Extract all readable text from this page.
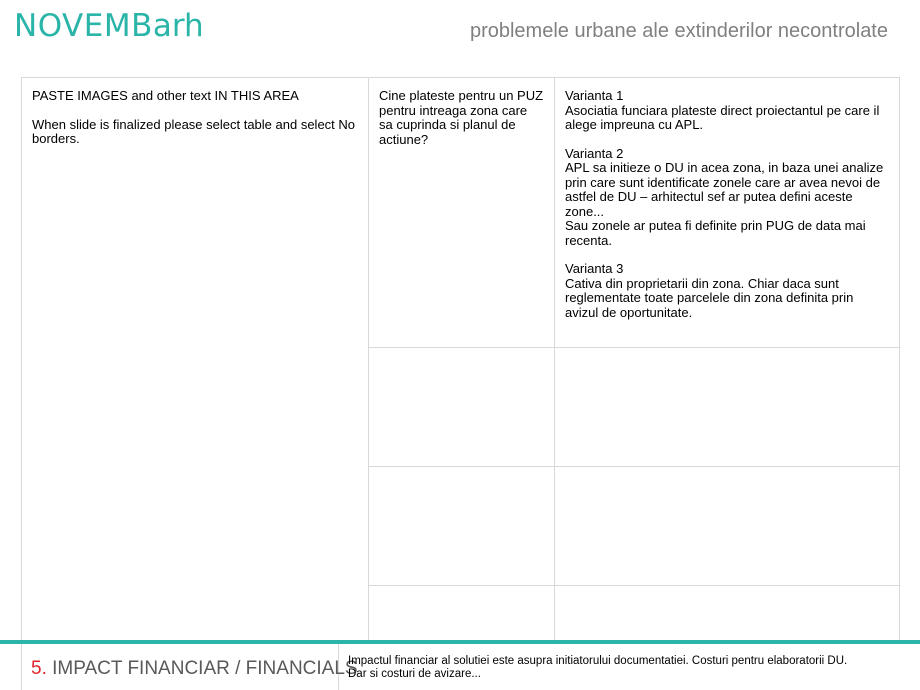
NOVEMBarh	problemele urbane ale extinderilor necontrolate

PASTE IMAGES and other text IN THIS AREA

When slide is finalized please select table and select No borders.

Cine plateste pentru un PUZ pentru intreaga zona care sa cuprinda si planul de actiune?

Varianta 1

Asociatia funciara plateste direct proiectantul pe care il alege impreuna cu APL.

Varianta 2

APL sa initieze o DU in acea zona, in baza unei analize prin care sunt identificate zonele care ar avea nevoi de astfel de DU – arhitectul sef ar putea defini aceste zone...

Sau zonele ar putea fi definite prin PUG de data mai recenta.

Varianta 3

Cativa din proprietarii din zona. Chiar daca sunt reglementate toate parcelele din zona definita prin avizul de oportunitate.

5. IMPACT FINANCIAR / FINANCIALS
Impactul financiar al solutiei este asupra initiatorului documentatiei. Costuri pentru elaboratorii DU.
Dar si costuri de avizare...
